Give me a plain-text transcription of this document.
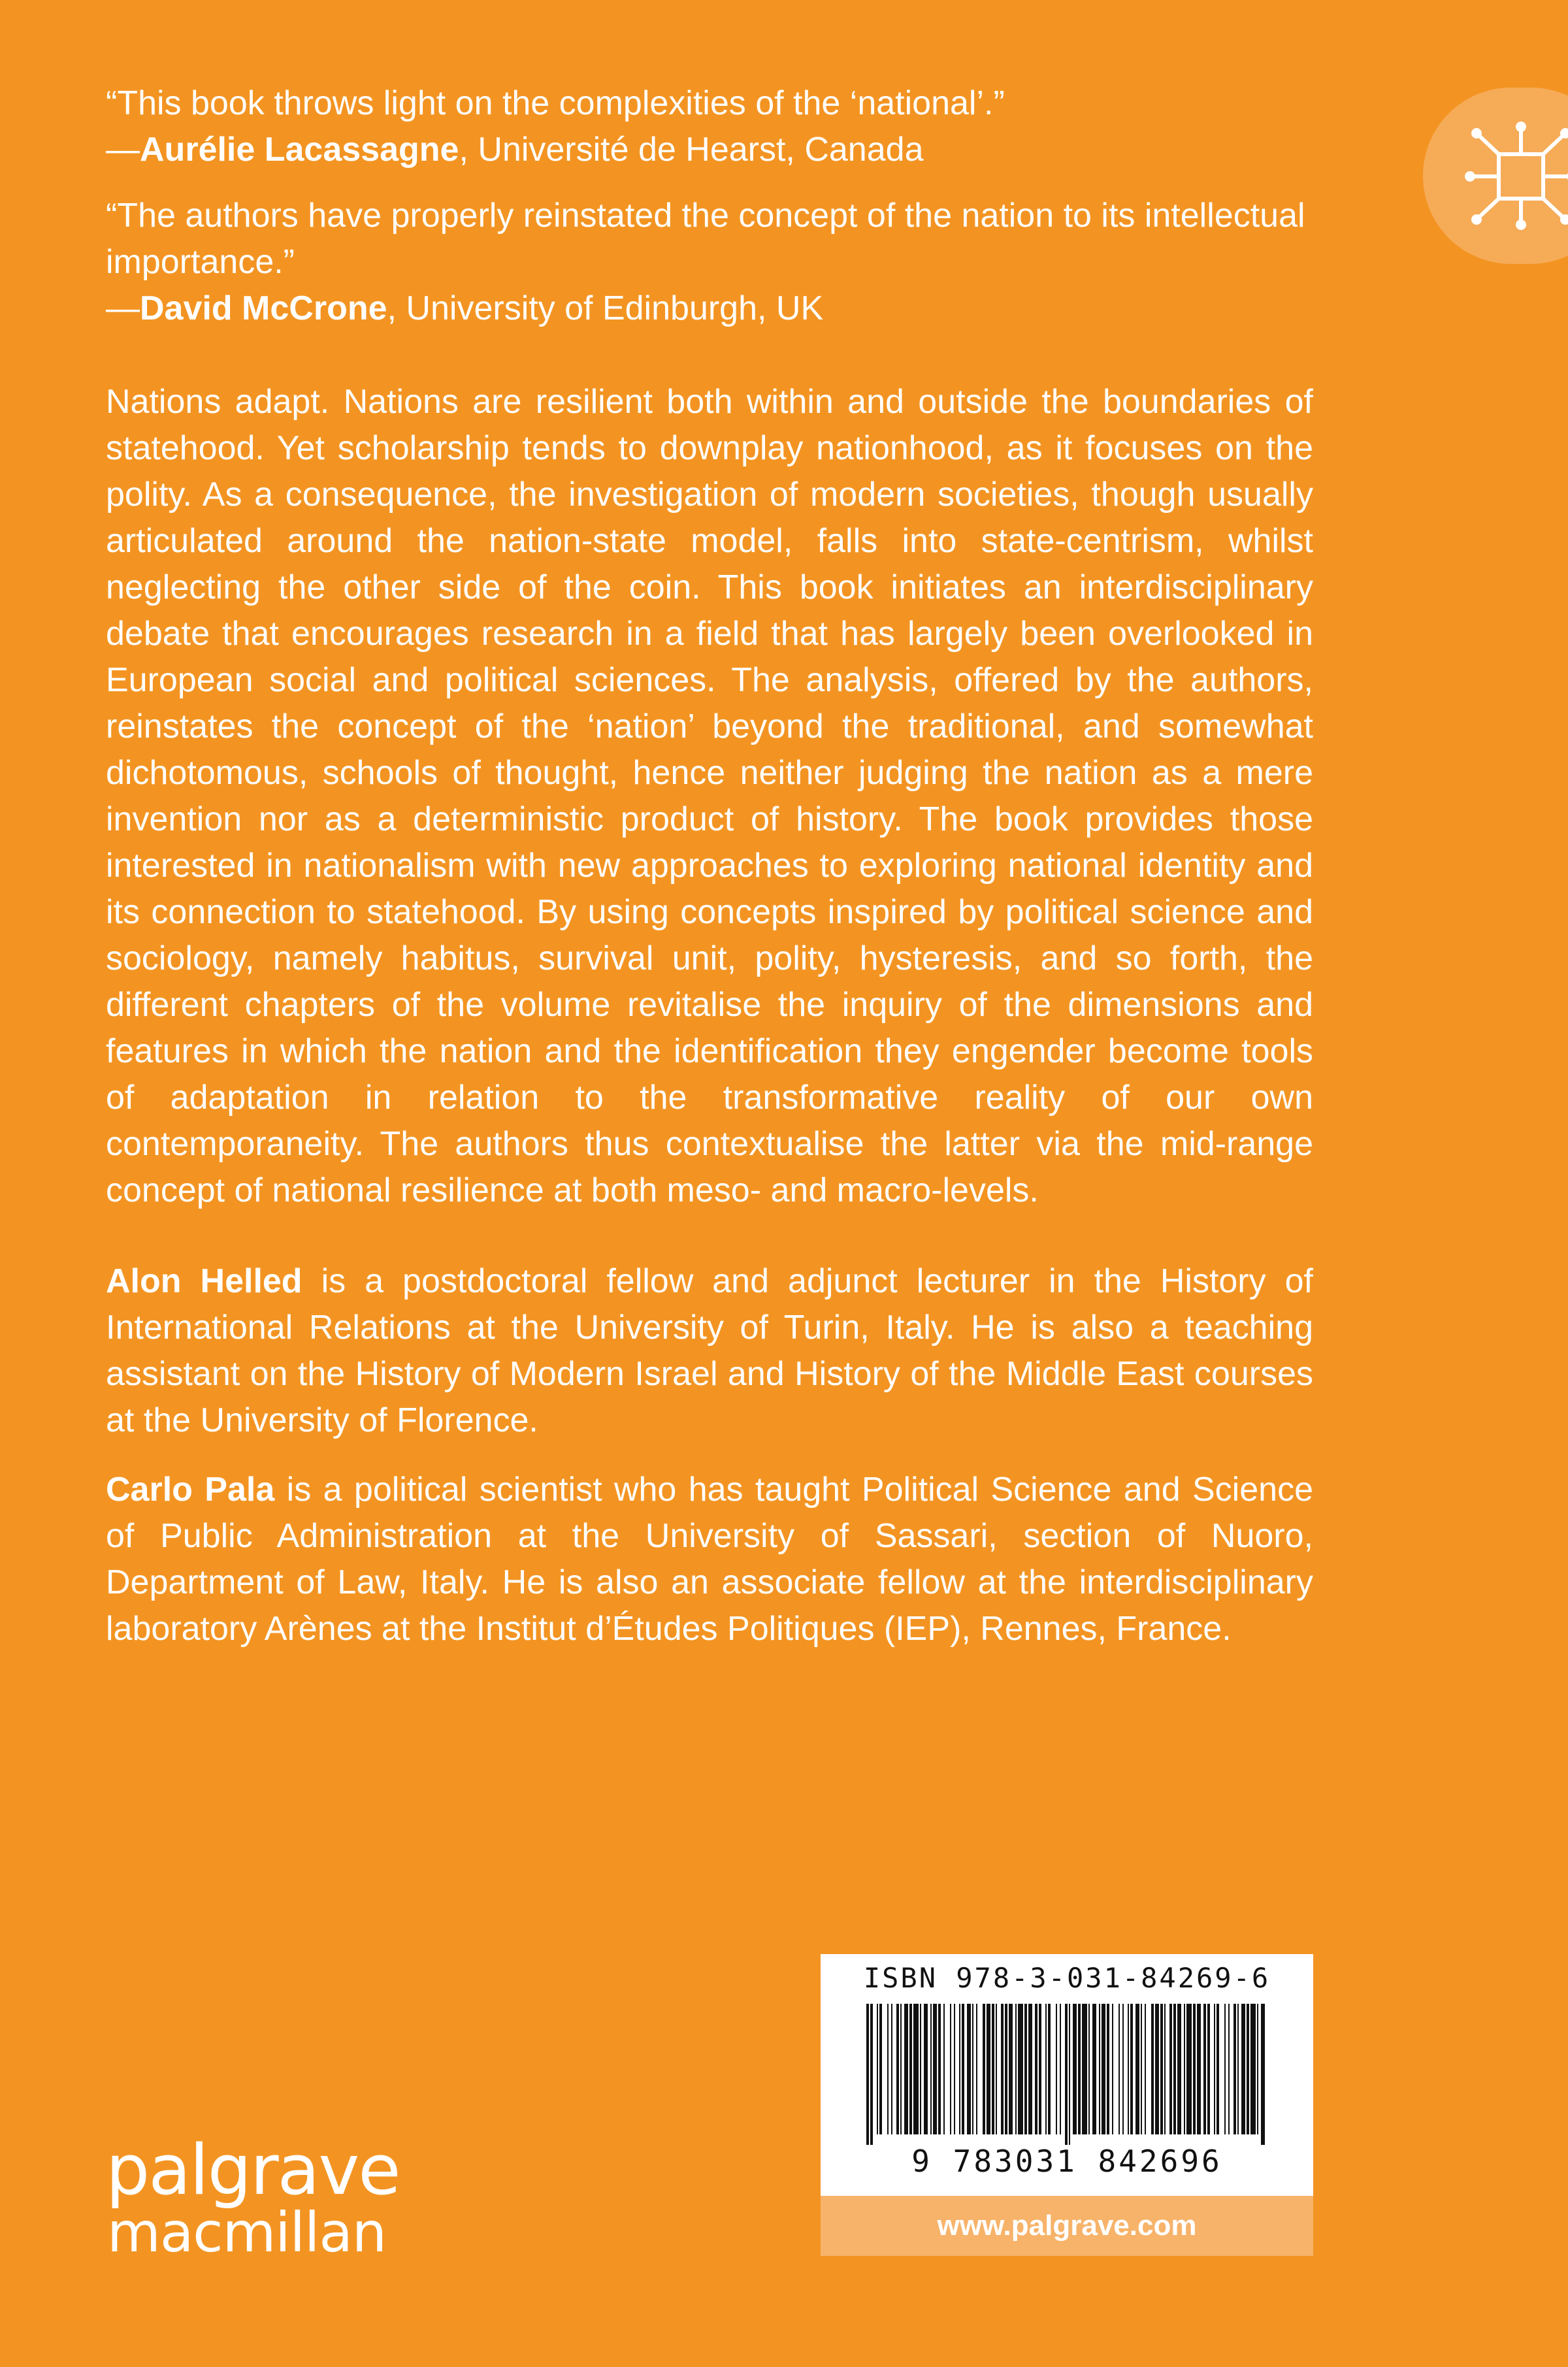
“This book throws light on the complexities of the ‘national’.”
—Aurélie Lacassagne, Université de Hearst, Canada
“The authors have properly reinstated the concept of the nation to its intellectual importance.”
—David McCrone, University of Edinburgh, UK
Nations adapt. Nations are resilient both within and outside the boundaries of statehood. Yet scholarship tends to downplay nationhood, as it focuses on the polity. As a consequence, the investigation of modern societies, though usually articulated around the nation-state model, falls into state-centrism, whilst neglecting the other side of the coin. This book initiates an interdisciplinary debate that encourages research in a field that has largely been overlooked in European social and political sciences. The analysis, offered by the authors, reinstates the concept of the ‘nation’ beyond the traditional, and somewhat dichotomous, schools of thought, hence neither judging the nation as a mere invention nor as a deterministic product of history. The book provides those interested in nationalism with new approaches to exploring national identity and its connection to statehood. By using concepts inspired by political science and sociology, namely habitus, survival unit, polity, hysteresis, and so forth, the different chapters of the volume revitalise the inquiry of the dimensions and features in which the nation and the identification they engender become tools of adaptation in relation to the transformative reality of our own contemporaneity. The authors thus contextualise the latter via the mid-range concept of national resilience at both meso- and macro-levels.
Alon Helled is a postdoctoral fellow and adjunct lecturer in the History of International Relations at the University of Turin, Italy. He is also a teaching assistant on the History of Modern Israel and History of the Middle East courses at the University of Florence.
Carlo Pala is a political scientist who has taught Political Science and Science of Public Administration at the University of Sassari, section of Nuoro, Department of Law, Italy. He is also an associate fellow at the interdisciplinary laboratory Arènes at the Institut d’Études Politiques (IEP), Rennes, France.
palgrave
macmillan
ISBN 978-3-031-84269-6
9 783031 842696
www.palgrave.com
